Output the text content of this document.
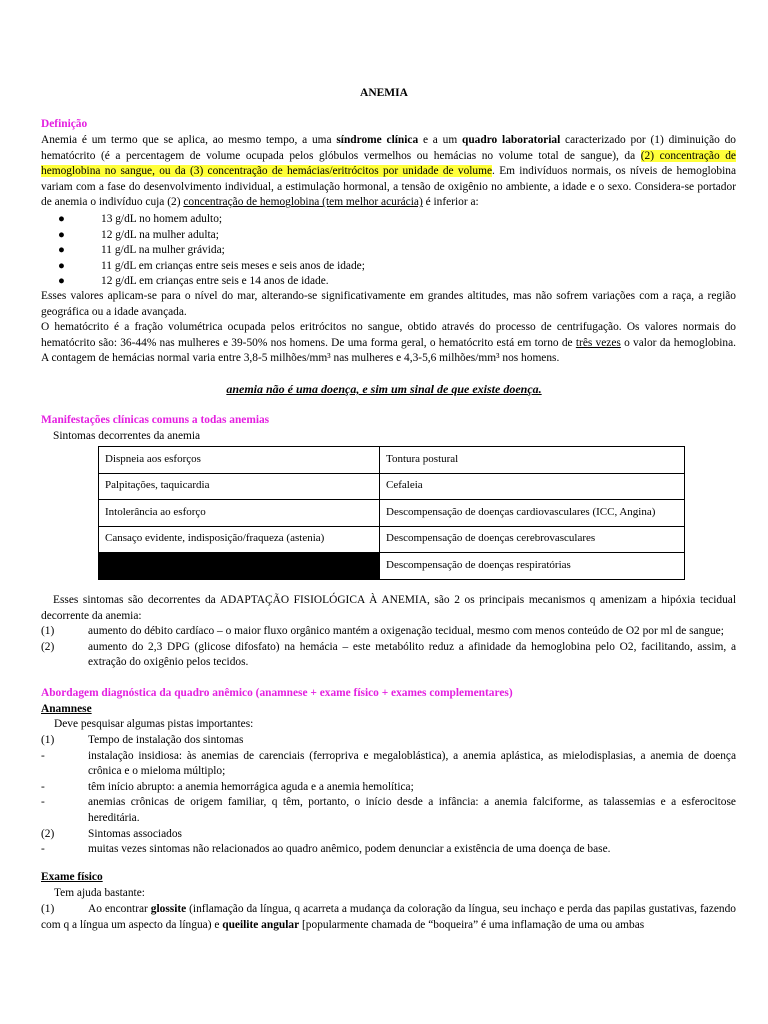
ANEMIA
Definição
Anemia é um termo que se aplica, ao mesmo tempo, a uma síndrome clínica e a um quadro laboratorial caracterizado por (1) diminuição do hematócrito (é a percentagem de volume ocupada pelos glóbulos vermelhos ou hemácias no volume total de sangue), da (2) concentração de hemoglobina no sangue, ou da (3) concentração de hemácias/eritrócitos por unidade de volume. Em indivíduos normais, os níveis de hemoglobina variam com a fase do desenvolvimento individual, a estimulação hormonal, a tensão de oxigênio no ambiente, a idade e o sexo. Considera-se portador de anemia o indivíduo cuja (2) concentração de hemoglobina (tem melhor acurácia) é inferior a:
●	13 g/dL no homem adulto;
●	12 g/dL na mulher adulta;
●	11 g/dL na mulher grávida;
●	11 g/dL em crianças entre seis meses e seis anos de idade;
●	12 g/dL em crianças entre seis e 14 anos de idade.
Esses valores aplicam-se para o nível do mar, alterando-se significativamente em grandes altitudes, mas não sofrem variações com a raça, a região geográfica ou a idade avançada.
O hematócrito é a fração volumétrica ocupada pelos eritrócitos no sangue, obtido através do processo de centrifugação. Os valores normais do hematócrito são: 36-44% nas mulheres e 39-50% nos homens. De uma forma geral, o hematócrito está em torno de três vezes o valor da hemoglobina. A contagem de hemácias normal varia entre 3,8-5 milhões/mm³ nas mulheres e 4,3-5,6 milhões/mm³ nos homens.
anemia não é uma doença, e sim um sinal de que existe doença.
Manifestações clínicas comuns a todas anemias
Sintomas decorrentes da anemia
Dispneia aos esforços	Tontura postural
Palpitações, taquicardia	Cefaleia
Intolerância ao esforço	Descompensação de doenças cardiovasculares (ICC, Angina)
Cansaço evidente, indisposição/fraqueza (astenia)	Descompensação de doenças cerebrovasculares
	Descompensação de doenças respiratórias
Esses sintomas são decorrentes da ADAPTAÇÃO FISIOLÓGICA À ANEMIA, são 2 os principais mecanismos q amenizam a hipóxia tecidual decorrente da anemia:
(1)	aumento do débito cardíaco – o maior fluxo orgânico mantém a oxigenação tecidual, mesmo com menos conteúdo de O2 por ml de sangue;
(2)	aumento do 2,3 DPG (glicose difosfato) na hemácia – este metabólito reduz a afinidade da hemoglobina pelo O2, facilitando, assim, a extração do oxigênio pelos tecidos.
Abordagem diagnóstica da quadro anêmico (anamnese + exame físico + exames complementares)
Anamnese
Deve pesquisar algumas pistas importantes:
(1)	Tempo de instalação dos sintomas
-	instalação insidiosa: às anemias de carenciais (ferropriva e megaloblástica), a anemia aplástica, as mielodisplasias, a anemia de doença crônica e o mieloma múltiplo;
-	têm início abrupto: a anemia hemorrágica aguda e a anemia hemolítica;
-	anemias crônicas de origem familiar, q têm, portanto, o início desde a infância: a anemia falciforme, as talassemias e a esferocitose hereditária.
(2)	Sintomas associados
-	muitas vezes sintomas não relacionados ao quadro anêmico, podem denunciar a existência de uma doença de base.
Exame físico
Tem ajuda bastante:
(1)	Ao encontrar glossite (inflamação da língua, q acarreta a mudança da coloração da língua, seu inchaço e perda das papilas gustativas, fazendo com q a língua um aspecto da língua) e queilite angular [popularmente chamada de “boqueira” é uma inflamação de uma ou ambas
